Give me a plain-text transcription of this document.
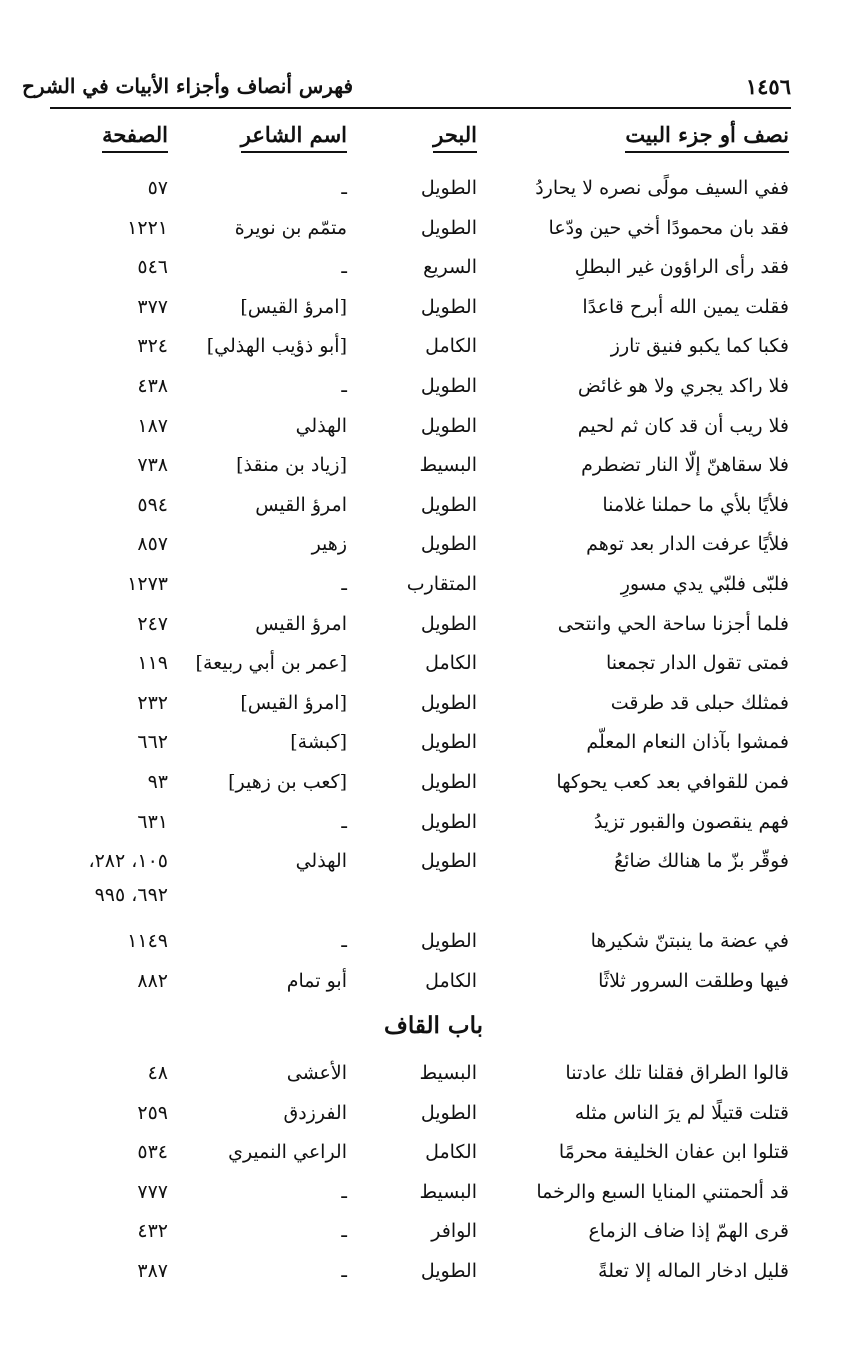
١٤٥٦
فهرس أنصاف وأجزاء الأبيات في الشرح
نصف أو جزء البيت
البحر
اسم الشاعر
الصفحة
ففي السيف مولًى نصره لا يحاردُ
الطويل
ـ
٥٧
فقد بان محمودًا أخي حين ودّعا
الطويل
متمّم بن نويرة
١٢٢١
فقد رأى الراؤون غير البطلِ
السريع
ـ
٥٤٦
فقلت يمين الله أبرح قاعدًا
الطويل
[امرؤ القيس]
٣٧٧
فكبا كما يكبو فنيق تارز
الكامل
[أبو ذؤيب الهذلي]
٣٢٤
فلا راكد يجري ولا هو غائض
الطويل
ـ
٤٣٨
فلا ريب أن قد كان ثم لحيم
الطويل
الهذلي
١٨٧
فلا سقاهنّ إلّا النار تضطرم
البسيط
[زياد بن منقذ]
٧٣٨
فلأيًا بلأي ما حملنا غلامنا
الطويل
امرؤ القيس
٥٩٤
فلأيًا عرفت الدار بعد توهم
الطويل
زهير
٨٥٧
فلبّى فلبّي يدي مسورِ
المتقارب
ـ
١٢٧٣
فلما أجزنا ساحة الحي وانتحى
الطويل
امرؤ القيس
٢٤٧
فمتى تقول الدار تجمعنا
الكامل
[عمر بن أبي ربيعة]
١١٩
فمثلك حبلى قد طرقت
الطويل
[امرؤ القيس]
٢٣٢
فمشوا بآذان النعام المعلّم
الطويل
[كبشة]
٦٦٢
فمن للقوافي بعد كعب يحوكها
الطويل
[كعب بن زهير]
٩٣
فهم ينقصون والقبور تزيدُ
الطويل
ـ
٦٣١
فوقّر بزّ ما هنالك ضائعُ
الطويل
الهذلي
١٠٥، ٢٨٢،
٦٩٢، ٩٩٥
في عضة ما ينبتنّ شكيرها
الطويل
ـ
١١٤٩
فيها وطلقت السرور ثلاثًا
الكامل
أبو تمام
٨٨٢
باب القاف
قالوا الطراق فقلنا تلك عادتنا
البسيط
الأعشى
٤٨
قتلت قتيلًا لم يرَ الناس مثله
الطويل
الفرزدق
٢٥٩
قتلوا ابن عفان الخليفة محرمًا
الكامل
الراعي النميري
٥٣٤
قد ألحمتني المنايا السبع والرخما
البسيط
ـ
٧٧٧
قرى الهمّ إذا ضاف الزماع
الوافر
ـ
٤٣٢
قليل ادخار الماله إلا تعلةً
الطويل
ـ
٣٨٧
